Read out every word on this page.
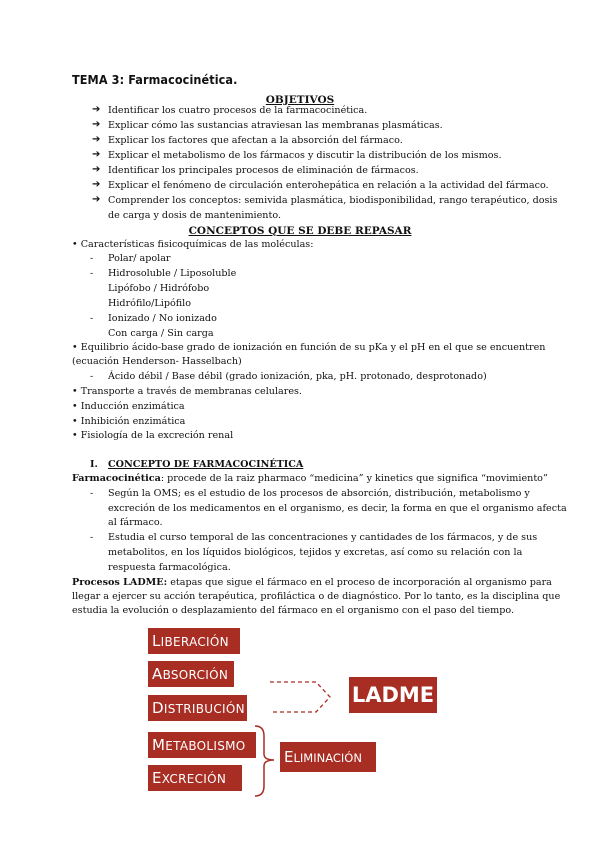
TEMA 3: Farmacocinética.
OBJETIVOS
➔ Identificar los cuatro procesos de la farmacocinética.
➔ Explicar cómo las sustancias atraviesan las membranas plasmáticas.
➔ Explicar los factores que afectan a la absorción del fármaco.
➔ Explicar el metabolismo de los fármacos y discutir la distribución de los mismos.
➔ Identificar los principales procesos de eliminación de fármacos.
➔ Explicar el fenómeno de circulación enterohepática en relación a la actividad del fármaco.
➔ Comprender los conceptos: semivida plasmática, biodisponibilidad, rango terapéutico, dosis
de carga y dosis de mantenimiento.
CONCEPTOS QUE SE DEBE REPASAR
• Características fisicoquímicas de las moléculas:
- Polar/ apolar
- Hidrosoluble / Liposoluble
Lipófobo / Hidrófobo
Hidrófilo/Lipófilo
- Ionizado / No ionizado
Con carga / Sin carga
• Equilibrio ácido-base grado de ionización en función de su pKa y el pH en el que se encuentren
(ecuación Henderson- Hasselbach)
- Ácido débil / Base débil (grado ionización, pka, pH. protonado, desprotonado)
• Transporte a través de membranas celulares.
• Inducción enzimática
• Inhibición enzimática
• Fisiología de la excreción renal
I. CONCEPTO DE FARMACOCINÉTICA
Farmacocinética: procede de la raiz pharmaco “medicina” y kinetics que significa “movimiento”
- Según la OMS; es el estudio de los procesos de absorción, distribución, metabolismo y
excreción de los medicamentos en el organismo, es decir, la forma en que el organismo afecta
al fármaco.
- Estudia el curso temporal de las concentraciones y cantidades de los fármacos, y de sus
metabolitos, en los líquidos biológicos, tejidos y excretas, así como su relación con la
respuesta farmacológica.
Procesos LADME: etapas que sigue el fármaco en el proceso de incorporación al organismo para
llegar a ejercer su acción terapéutica, profiláctica o de diagnóstico. Por lo tanto, es la disciplina que
estudia la evolución o desplazamiento del fármaco en el organismo con el paso del tiempo.
LIBERACIÓN
ABSORCIÓN
DISTRIBUCIÓN
METABOLISMO
EXCRECIÓN
LADME
ELIMINACIÓN
